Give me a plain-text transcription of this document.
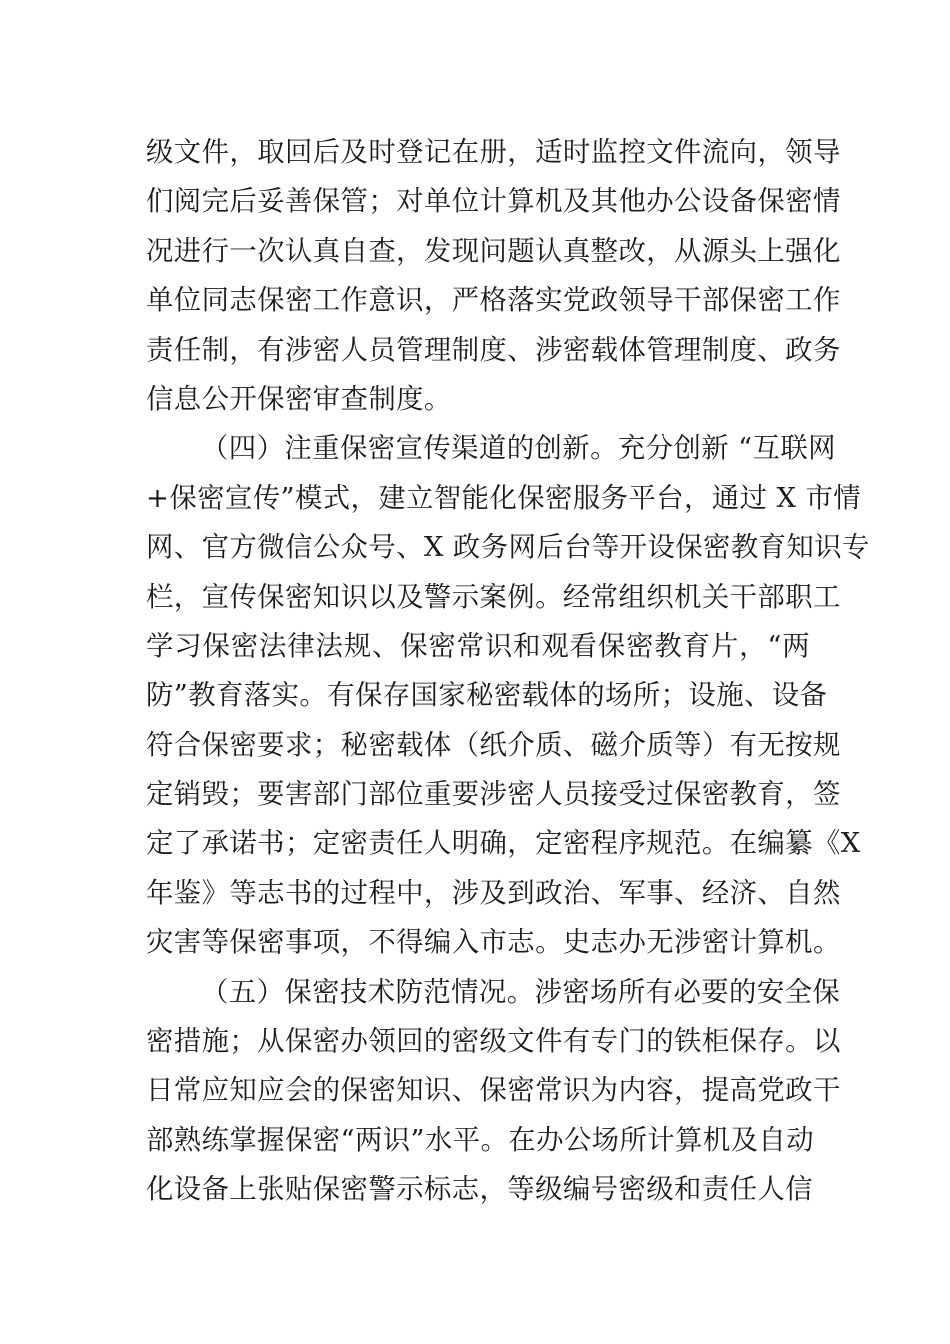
级文件，取回后及时登记在册，适时监控文件流向，领导
们阅完后妥善保管；对单位计算机及其他办公设备保密情
况进行一次认真自查，发现问题认真整改，从源头上强化
单位同志保密工作意识，严格落实党政领导干部保密工作
责任制，有涉密人员管理制度、涉密载体管理制度、政务
信息公开保密审查制度。
（四）注重保密宣传渠道的创新。充分创新 “互联网
+保密宣传”模式，建立智能化保密服务平台，通过 X 市情
网、官方微信公众号、X 政务网后台等开设保密教育知识专
栏，宣传保密知识以及警示案例。经常组织机关干部职工
学习保密法律法规、保密常识和观看保密教育片，“两
防”教育落实。有保存国家秘密载体的场所；设施、设备
符合保密要求；秘密载体（纸介质、磁介质等）有无按规
定销毁；要害部门部位重要涉密人员接受过保密教育，签
定了承诺书；定密责任人明确，定密程序规范。在编纂《X
年鉴》等志书的过程中，涉及到政治、军事、经济、自然
灾害等保密事项，不得编入市志。史志办无涉密计算机。
（五）保密技术防范情况。涉密场所有必要的安全保
密措施；从保密办领回的密级文件有专门的铁柜保存。以
日常应知应会的保密知识、保密常识为内容，提高党政干
部熟练掌握保密“两识”水平。在办公场所计算机及自动
化设备上张贴保密警示标志，等级编号密级和责任人信
